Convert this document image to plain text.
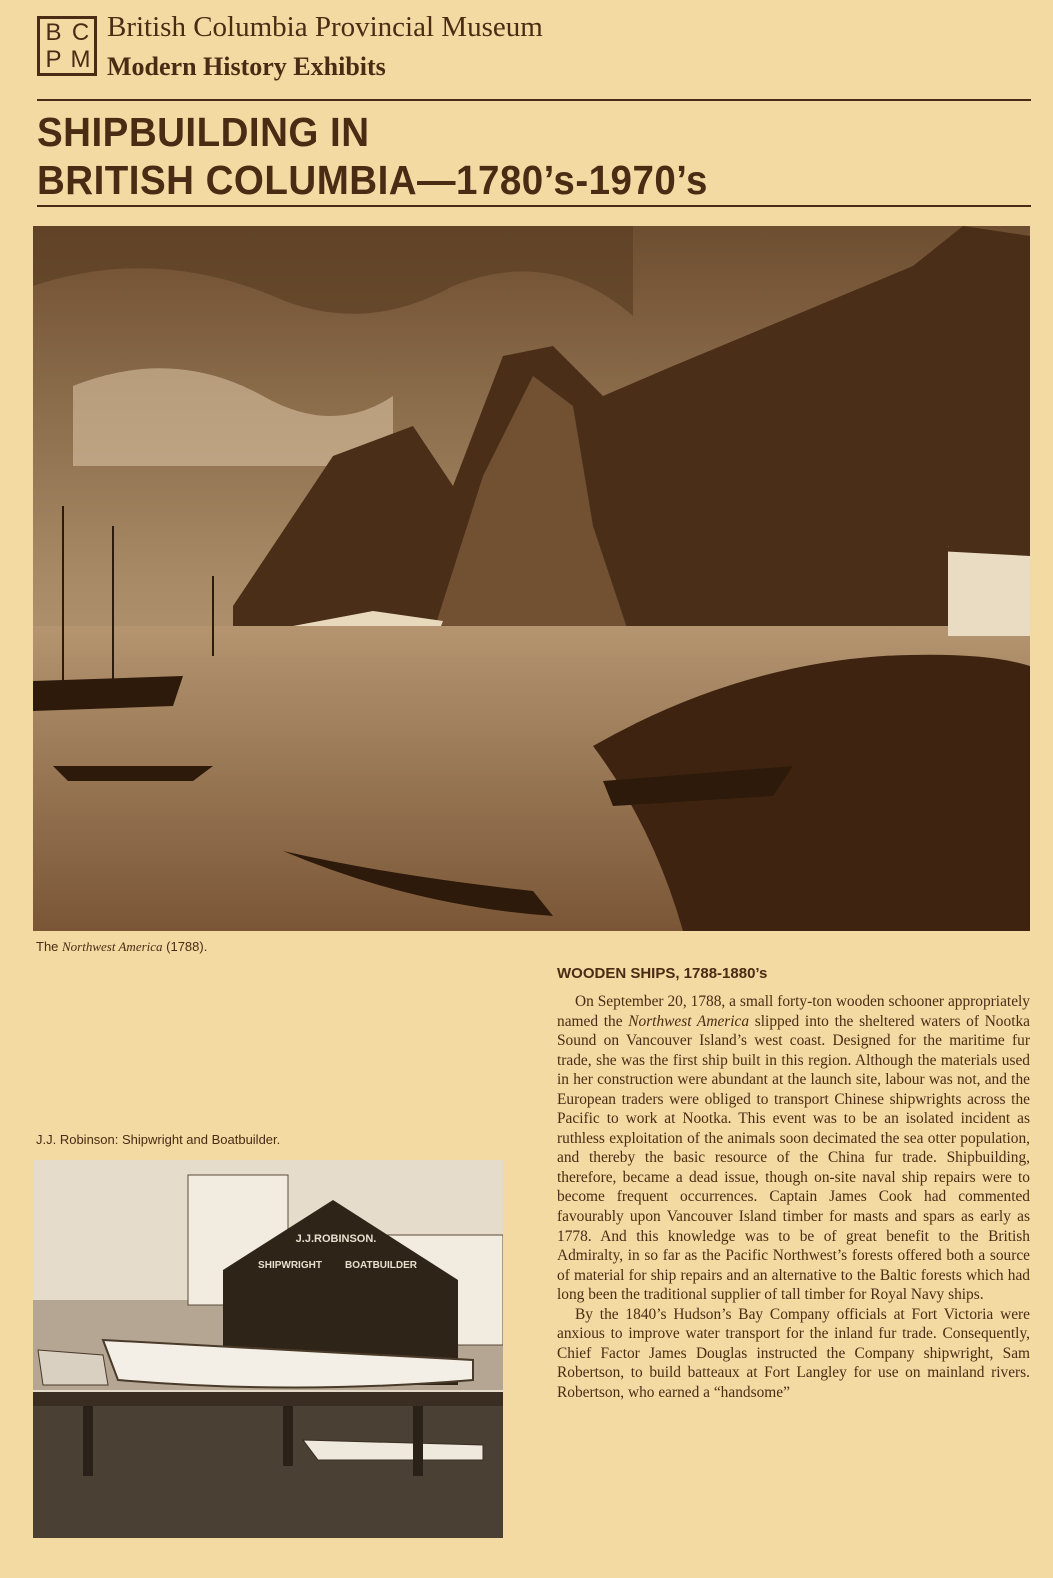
B C
P M
British Columbia Provincial Museum
Modern History Exhibits
SHIPBUILDING IN
BRITISH COLUMBIA—1780’s-1970’s

The Northwest America (1788).
J.J. Robinson: Shipwright and Boatbuilder.
J.J.ROBINSON.
SHIPWRIGHT BOATBUILDER
WOODEN SHIPS, 1788-1880’s

On September 20, 1788, a small forty-ton wooden schooner appropriately named the Northwest America slipped into the sheltered waters of Nootka Sound on Vancouver Island’s west coast. Designed for the maritime fur trade, she was the first ship built in this region. Although the materials used in her construction were abundant at the launch site, labour was not, and the European traders were obliged to transport Chinese shipwrights across the Pacific to work at Nootka. This event was to be an isolated incident as ruthless exploitation of the animals soon decimated the sea otter population, and thereby the basic resource of the China fur trade. Shipbuilding, therefore, became a dead issue, though on-site naval ship repairs were to become frequent occurrences. Captain James Cook had commented favourably upon Vancouver Island timber for masts and spars as early as 1778. And this knowledge was to be of great benefit to the British Admiralty, in so far as the Pacific Northwest’s forests offered both a source of material for ship repairs and an alternative to the Baltic forests which had long been the traditional supplier of tall timber for Royal Navy ships.

By the 1840’s Hudson’s Bay Company officials at Fort Victoria were anxious to improve water transport for the inland fur trade. Consequently, Chief Factor James Douglas instructed the Company shipwright, Sam Robertson, to build batteaux at Fort Langley for use on mainland rivers. Robertson, who earned a “handsome”
